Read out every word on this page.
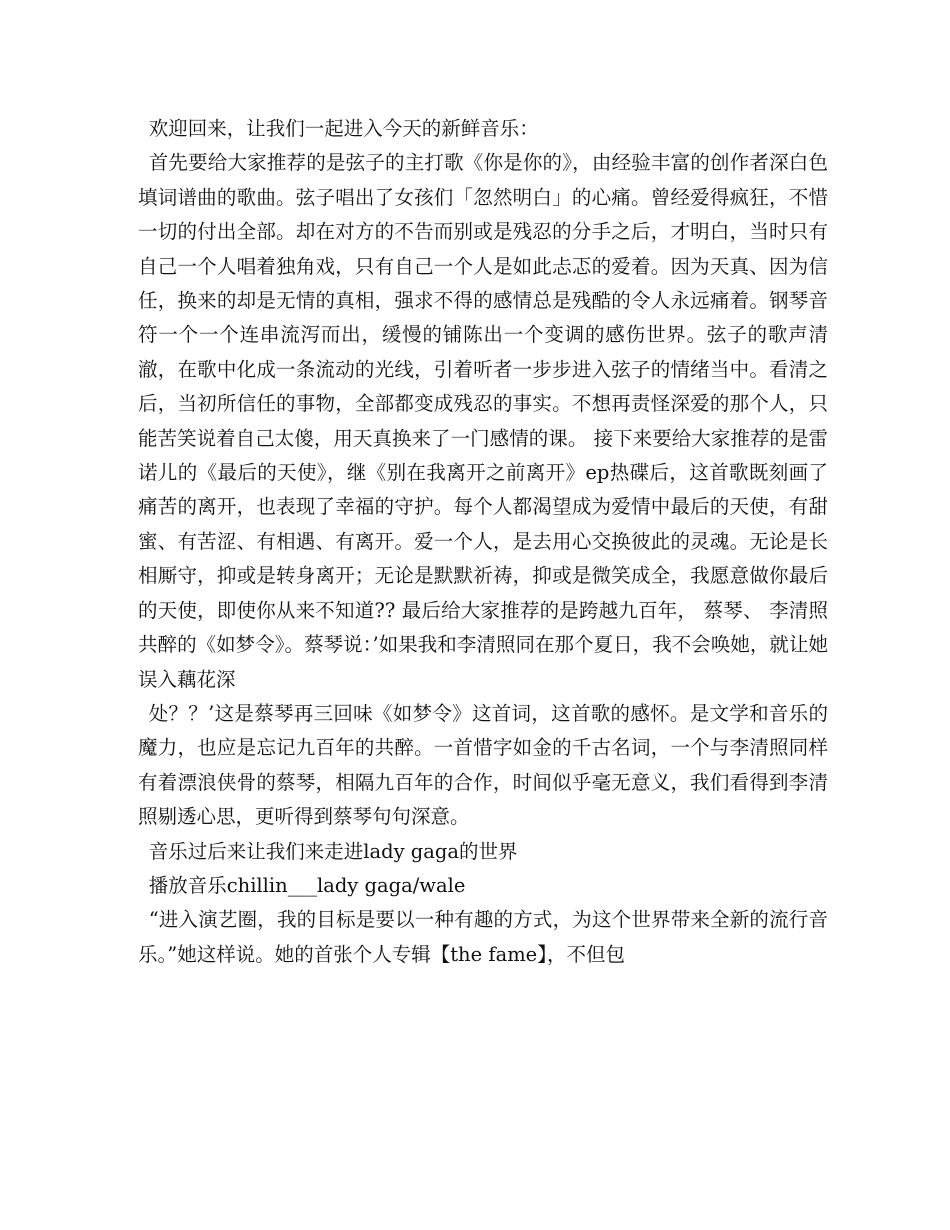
欢迎回来，让我们一起进入今天的新鲜音乐：

首先要给大家推荐的是弦子的主打歌《你是你的》，由经验丰富的创作者深白色填词谱曲的歌曲。弦子唱出了女孩们「忽然明白」的心痛。曾经爱得疯狂，不惜一切的付出全部。却在对方的不告而别或是残忍的分手之后，才明白，当时只有自己一个人唱着独角戏，只有自己一个人是如此忐忑的爱着。因为天真、因为信任，换来的却是无情的真相，强求不得的感情总是残酷的令人永远痛着。钢琴音符一个一个连串流泻而出，缓慢的铺陈出一个变调的感伤世界。弦子的歌声清澈，在歌中化成一条流动的光线，引着听者一步步进入弦子的情绪当中。看清之后，当初所信任的事物，全部都变成残忍的事实。不想再责怪深爱的那个人，只能苦笑说着自己太傻，用天真换来了一门感情的课。 接下来要给大家推荐的是雷诺儿的《最后的天使》，继《别在我离开之前离开》ep热碟后，这首歌既刻画了痛苦的离开，也表现了幸福的守护。每个人都渴望成为爱情中最后的天使，有甜蜜、有苦涩、有相遇、有离开。爱一个人，是去用心交换彼此的灵魂。无论是长相厮守，抑或是转身离开；无论是默默祈祷，抑或是微笑成全，我愿意做你最后的天使，即使你从来不知道?? 最后给大家推荐的是跨越九百年， 蔡琴、 李清照共醉的《如梦令》。蔡琴说：’如果我和李清照同在那个夏日，我不会唤她，就让她误入藕花深

处？？’这是蔡琴再三回味《如梦令》这首词，这首歌的感怀。是文学和音乐的魔力，也应是忘记九百年的共醉。一首惜字如金的千古名词，一个与李清照同样有着漂浪侠骨的蔡琴，相隔九百年的合作，时间似乎毫无意义，我们看得到李清照剔透心思，更听得到蔡琴句句深意。

音乐过后来让我们来走进lady gaga的世界

播放音乐chillin___lady gaga/wale

“进入演艺圈，我的目标是要以一种有趣的方式，为这个世界带来全新的流行音乐。”她这样说。她的首张个人专辑【the fame】，不但包
